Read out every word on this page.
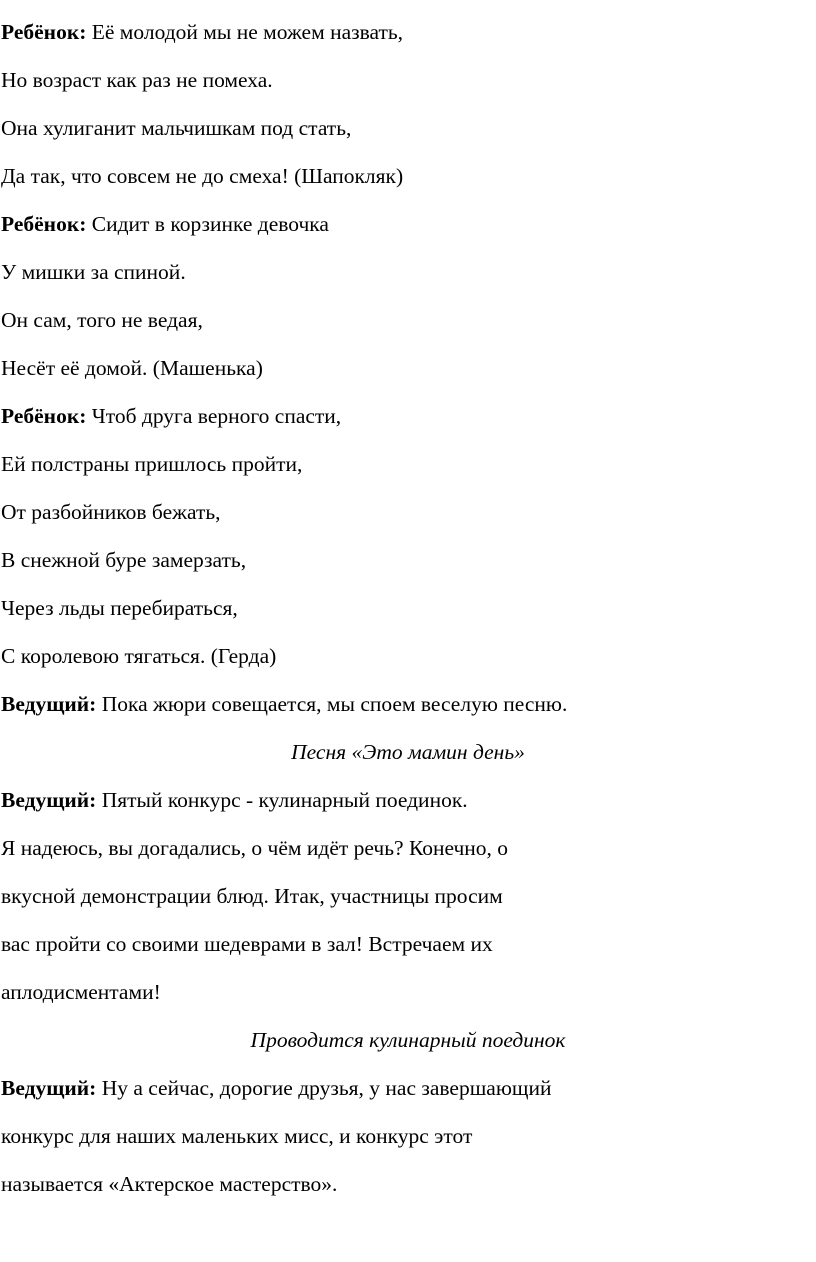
Ребёнок: Её молодой мы не можем назвать,
Но возраст как раз не помеха.
Она хулиганит мальчишкам под стать,
Да так, что совсем не до смеха! (Шапокляк)
Ребёнок: Сидит в корзинке девочка
У мишки за спиной.
Он сам, того не ведая,
Несёт её домой. (Машенька)
Ребёнок: Чтоб друга верного спасти,
Ей полстраны пришлось пройти,
От разбойников бежать,
В снежной буре замерзать,
Через льды перебираться,
С королевою тягаться. (Герда)
Ведущий: Пока жюри совещается, мы споем веселую песню.
Песня «Это мамин день»
Ведущий: Пятый конкурс - кулинарный поединок.
Я надеюсь, вы догадались, о чём идёт речь? Конечно, о
вкусной демонстрации блюд. Итак, участницы просим
вас пройти со своими шедеврами в зал! Встречаем их
аплодисментами!
Проводится кулинарный поединок
Ведущий: Ну а сейчас, дорогие друзья, у нас завершающий
конкурс для наших маленьких мисс, и конкурс этот
называется «Актерское мастерство».
